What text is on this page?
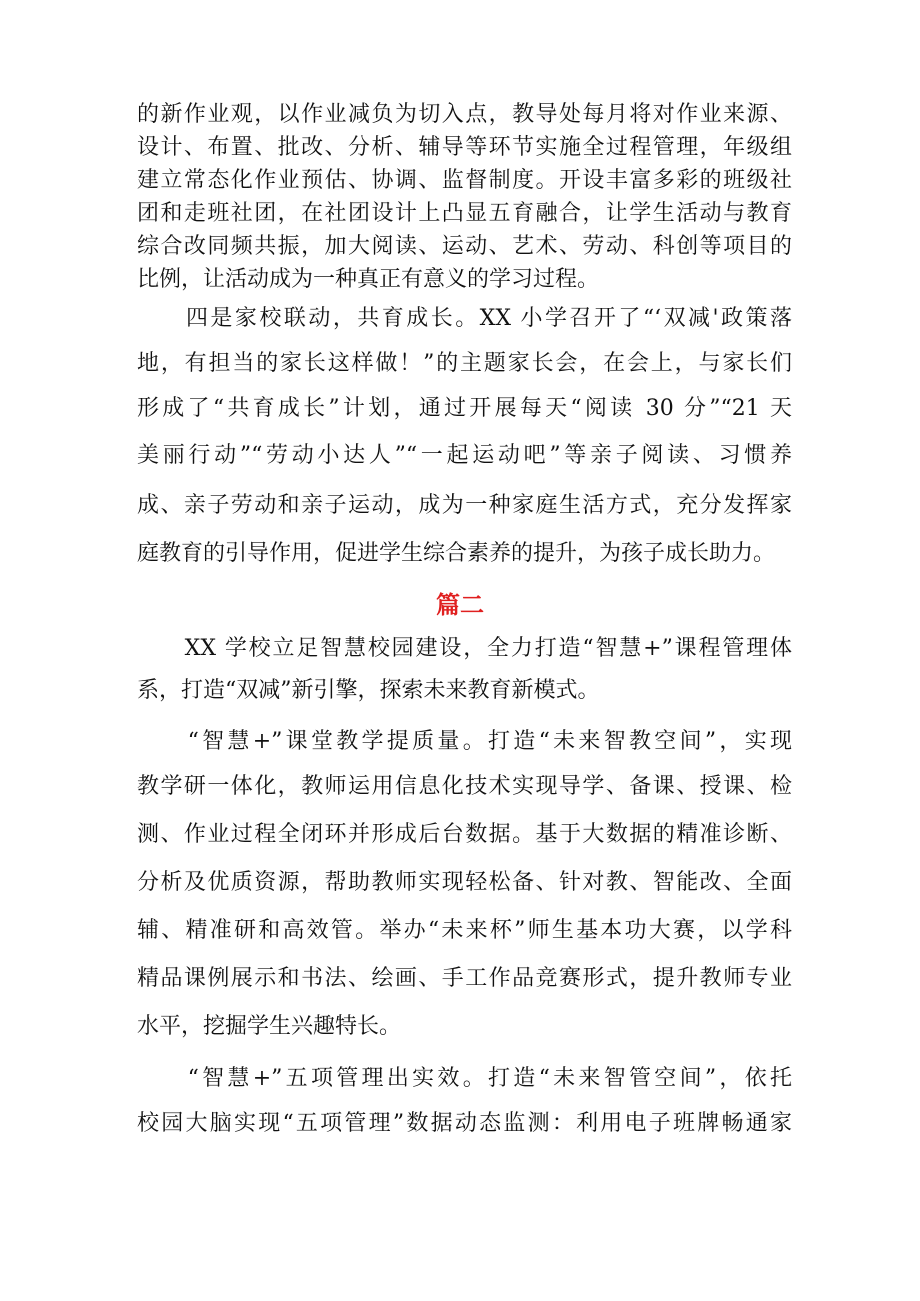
的新作业观，以作业减负为切入点，教导处每月将对作业来源、
设计、布置、批改、分析、辅导等环节实施全过程管理，年级组
建立常态化作业预估、协调、监督制度。开设丰富多彩的班级社
团和走班社团，在社团设计上凸显五育融合，让学生活动与教育
综合改同频共振，加大阅读、运动、艺术、劳动、科创等项目的
比例，让活动成为一种真正有意义的学习过程。
　　四是家校联动，共育成长。XX 小学召开了“‘双减'政策落
地，有担当的家长这样做！”的主题家长会，在会上，与家长们
形成了“共育成长”计划，通过开展每天“阅读 30 分”“21 天
美丽行动”“劳动小达人”“一起运动吧”等亲子阅读、习惯养
成、亲子劳动和亲子运动，成为一种家庭生活方式，充分发挥家
庭教育的引导作用，促进学生综合素养的提升，为孩子成长助力。
篇二
　　XX 学校立足智慧校园建设，全力打造“智慧+”课程管理体
系，打造“双减”新引擎，探索未来教育新模式。
　　“智慧+”课堂教学提质量。打造“未来智教空间”，实现
教学研一体化，教师运用信息化技术实现导学、备课、授课、检
测、作业过程全闭环并形成后台数据。基于大数据的精准诊断、
分析及优质资源，帮助教师实现轻松备、针对教、智能改、全面
辅、精准研和高效管。举办“未来杯”师生基本功大赛，以学科
精品课例展示和书法、绘画、手工作品竞赛形式，提升教师专业
水平，挖掘学生兴趣特长。
　　“智慧+”五项管理出实效。打造“未来智管空间”，依托
校园大脑实现“五项管理”数据动态监测：利用电子班牌畅通家
